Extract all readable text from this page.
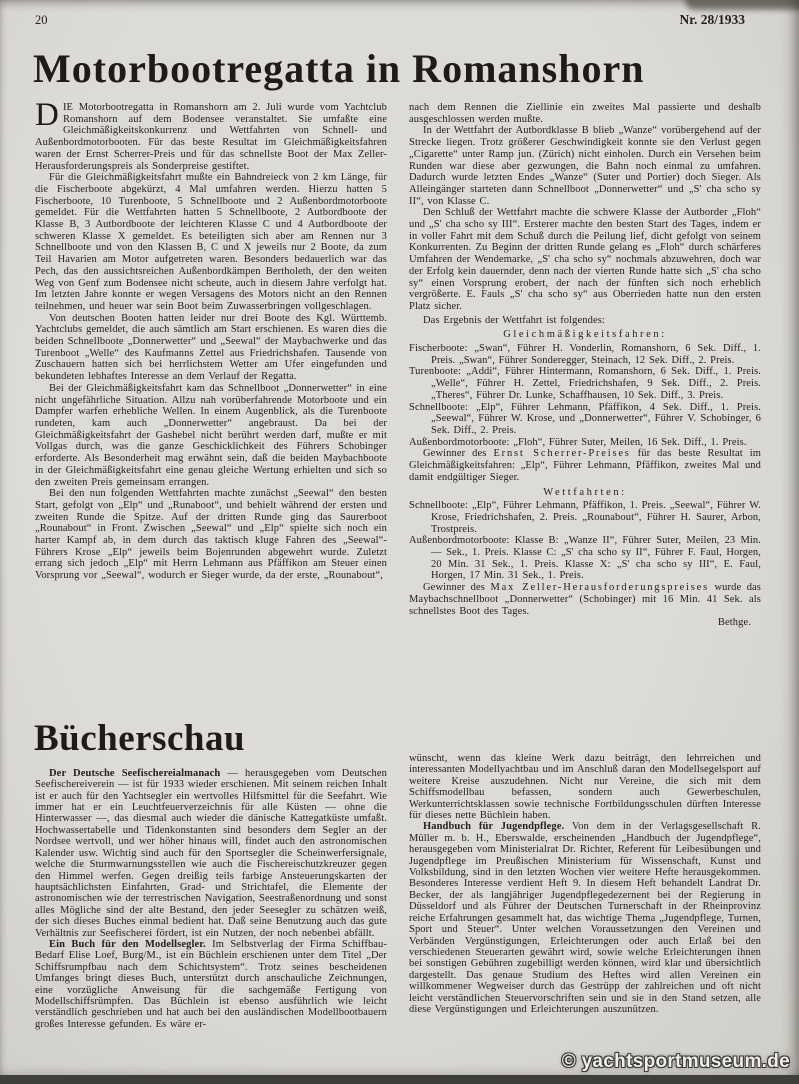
20	Nr. 28/1933
Motorbootregatta in Romanshorn

DIE Motorbootregatta in Romanshorn am 2. Juli wurde vom Yachtclub Romanshorn auf dem Bodensee veranstaltet. Sie umfaßte eine Gleichmäßigkeitskonkurrenz und Wettfahrten von Schnell- und Außenbordmotorbooten. Für das beste Resultat im Gleichmäßigkeitsfahren waren der Ernst Scherrer-Preis und für das schnellste Boot der Max Zeller-Herausforderungspreis als Sonderpreise gestiftet.

Für die Gleichmäßigkeitsfahrt mußte ein Bahndreieck von 2 km Länge, für die Fischerboote abgekürzt, 4 Mal umfahren werden. Hierzu hatten 5 Fischerboote, 10 Turenboote, 5 Schnellboote und 2 Außenbordmotorboote gemeldet. Für die Wettfahrten hatten 5 Schnellboote, 2 Autbordboote der Klasse B, 3 Autbordboote der leichteren Klasse C und 4 Autbordboote der schweren Klasse X gemeldet. Es beteiligten sich aber am Rennen nur 3 Schnellboote und von den Klassen B, C und X jeweils nur 2 Boote, da zum Teil Havarien am Motor aufgetreten waren. Besonders bedauerlich war das Pech, das den aussichtsreichen Außenbordkämpen Bertholeth, der den weiten Weg von Genf zum Bodensee nicht scheute, auch in diesem Jahre verfolgt hat. Im letzten Jahre konnte er wegen Versagens des Motors nicht an den Rennen teilnehmen, und heuer war sein Boot beim Zuwasserbringen vollgeschlagen.

Von deutschen Booten hatten leider nur drei Boote des Kgl. Württemb. Yachtclubs gemeldet, die auch sämtlich am Start erschienen. Es waren dies die beiden Schnellboote „Donnerwetter“ und „Seewal“ der Maybachwerke und das Turenboot „Welle“ des Kaufmanns Zettel aus Friedrichshafen. Tausende von Zuschauern hatten sich bei herrlichstem Wetter am Ufer eingefunden und bekundeten lebhaftes Interesse an dem Verlauf der Regatta.

Bei der Gleichmäßigkeitsfahrt kam das Schnellboot „Donnerwetter“ in eine nicht ungefährliche Situation. Allzu nah vorüberfahrende Motorboote und ein Dampfer warfen erhebliche Wellen. In einem Augenblick, als die Turenboote rundeten, kam auch „Donnerwetter“ angebraust. Da bei der Gleichmäßigkeitsfahrt der Gashebel nicht berührt werden darf, mußte er mit Vollgas durch, was die ganze Geschicklichkeit des Führers Schobinger erforderte. Als Besonderheit mag erwähnt sein, daß die beiden Maybachboote in der Gleichmäßigkeitsfahrt eine genau gleiche Wertung erhielten und sich so den zweiten Preis gemeinsam errangen.

Bei den nun folgenden Wettfahrten machte zunächst „Seewal“ den besten Start, gefolgt von „Elp“ und „Runaboot“, und behielt während der ersten und zweiten Runde die Spitze. Auf der dritten Runde ging das Saurerboot „Rounabout“ in Front. Zwischen „Seewal“ und „Elp“ spielte sich noch ein harter Kampf ab, in dem durch das taktisch kluge Fahren des „Seewal“-Führers Krose „Elp“ jeweils beim Bojenrunden abgewehrt wurde. Zuletzt errang sich jedoch „Elp“ mit Herrn Lehmann aus Pfäffikon am Steuer einen Vorsprung vor „Seewal“, wodurch er Sieger wurde, da der erste, „Rounabout“,

nach dem Rennen die Ziellinie ein zweites Mal passierte und deshalb ausgeschlossen werden mußte.

In der Wettfahrt der Autbordklasse B blieb „Wanze“ vorübergehend auf der Strecke liegen. Trotz größerer Geschwindigkeit konnte sie den Verlust gegen „Cigarette“ unter Ramp jun. (Zürich) nicht einholen. Durch ein Versehen beim Runden war diese aber gezwungen, die Bahn noch einmal zu umfahren. Dadurch wurde letzten Endes „Wanze“ (Suter und Portier) doch Sieger. Als Alleingänger starteten dann Schnellboot „Donnerwetter“ und „S' cha scho sy II“, von Klasse C.

Den Schluß der Wettfahrt machte die schwere Klasse der Autborder „Floh“ und „S' cha scho sy III“. Ersterer machte den besten Start des Tages, indem er in voller Fahrt mit dem Schuß durch die Peilung lief, dicht gefolgt von seinem Konkurrenten. Zu Beginn der dritten Runde gelang es „Floh“ durch schärferes Umfahren der Wendemarke, „S' cha scho sy“ nochmals abzuwehren, doch war der Erfolg kein dauernder, denn nach der vierten Runde hatte sich „S' cha scho sy“ einen Vorsprung erobert, der nach der fünften sich noch erheblich vergrößerte. E. Fauls „S' cha scho sy“ aus Oberrieden hatte nun den ersten Platz sicher.

Das Ergebnis der Wettfahrt ist folgendes:

Gleichmäßigkeitsfahren:

Fischerboote: „Swan“, Führer H. Vonderlin, Romanshorn, 6 Sek. Diff., 1. Preis. „Swan“, Führer Sonderegger, Steinach, 12 Sek. Diff., 2. Preis.

Turenboote: „Addi“, Führer Hintermann, Romanshorn, 6 Sek. Diff., 1. Preis. „Welle“, Führer H. Zettel, Friedrichshafen, 9 Sek. Diff., 2. Preis. „Theres“, Führer Dr. Lunke, Schaffhausen, 10 Sek. Diff., 3. Preis.

Schnellboote: „Elp“, Führer Lehmann, Pfäffikon, 4 Sek. Diff., 1. Preis. „Seewal“, Führer W. Krose, und „Donnerwetter“, Führer V. Schobinger, 6 Sek. Diff., 2. Preis.

Außenbordmotorboote: „Floh“, Führer Suter, Meilen, 16 Sek. Diff., 1. Preis.

Gewinner des Ernst Scherrer-Preises für das beste Resultat im Gleichmäßigkeitsfahren: „Elp“, Führer Lehmann, Pfäffikon, zweites Mal und damit endgültiger Sieger.

Wettfahrten:

Schnellboote: „Elp“, Führer Lehmann, Pfäffikon, 1. Preis. „Seewal“, Führer W. Krose, Friedrichshafen, 2. Preis. „Rounabout“, Führer H. Saurer, Arbon, Trostpreis.

Außenbordmotorboote: Klasse B: „Wanze II“, Führer Suter, Meilen, 23 Min. — Sek., 1. Preis. Klasse C: „S' cha scho sy II“, Führer F. Faul, Horgen, 20 Min. 31 Sek., 1. Preis. Klasse X: „S' cha scho sy III“, E. Faul, Horgen, 17 Min. 31 Sek., 1. Preis.

Gewinner des Max Zeller-Herausforderungspreises wurde das Maybachschnellboot „Donnerwetter“ (Schobinger) mit 16 Min. 41 Sek. als schnellstes Boot des Tages.

Bethge.

Bücherschau

Der Deutsche Seefischereialmanach — herausgegeben vom Deutschen Seefischereiverein — ist für 1933 wieder erschienen. Mit seinem reichen Inhalt ist er auch für den Yachtsegler ein wertvolles Hilfsmittel für die Seefahrt. Wie immer hat er ein Leuchtfeuerverzeichnis für alle Küsten — ohne die Hinterwasser —, das diesmal auch wieder die dänische Kattegatküste umfaßt. Hochwassertabelle und Tidenkonstanten sind besonders dem Segler an der Nordsee wertvoll, und wer höher hinaus will, findet auch den astronomischen Kalender usw. Wichtig sind auch für den Sportsegler die Scheinwerfersignale, welche die Sturmwarnungsstellen wie auch die Fischereischutzkreuzer gegen den Himmel werfen. Gegen dreißig teils farbige Ansteuerungskarten der hauptsächlichsten Einfahrten, Grad- und Strichtafel, die Elemente der astronomischen wie der terrestrischen Navigation, Seestraßenordnung und sonst alles Mögliche sind der alte Bestand, den jeder Seesegler zu schätzen weiß, der sich dieses Buches einmal bedient hat. Daß seine Benutzung auch das gute Verhältnis zur Seefischerei fördert, ist ein Nutzen, der noch nebenbei abfällt.

Ein Buch für den Modellsegler. Im Selbstverlag der Firma Schiffbau-Bedarf Elise Loef, Burg/M., ist ein Büchlein erschienen unter dem Titel „Der Schiffsrumpfbau nach dem Schichtsystem“. Trotz seines bescheidenen Umfanges bringt dieses Buch, unterstützt durch anschauliche Zeichnungen, eine vorzügliche Anweisung für die sachgemäße Fertigung von Modellschiffsrümpfen. Das Büchlein ist ebenso ausführlich wie leicht verständlich geschrieben und hat auch bei den ausländischen Modellbootbauern großes Interesse gefunden. Es wäre er-

wünscht, wenn das kleine Werk dazu beiträgt, den lehrreichen und interessanten Modellyachtbau und im Anschluß daran den Modellsegelsport auf weitere Kreise auszudehnen. Nicht nur Vereine, die sich mit dem Schiffsmodellbau befassen, sondern auch Gewerbeschulen, Werkunterrichtsklassen sowie technische Fortbildungsschulen dürften Interesse für dieses nette Büchlein haben.

Handbuch für Jugendpflege. Von dem in der Verlagsgesellschaft R. Müller m. b. H., Eberswalde, erscheinenden „Handbuch der Jugendpflege“, herausgegeben vom Ministerialrat Dr. Richter, Referent für Leibesübungen und Jugendpflege im Preußischen Ministerium für Wissenschaft, Kunst und Volksbildung, sind in den letzten Wochen vier weitere Hefte herausgekommen. Besonderes Interesse verdient Heft 9. In diesem Heft behandelt Landrat Dr. Becker, der als langjähriger Jugendpflegedezernent bei der Regierung in Düsseldorf und als Führer der Deutschen Turnerschaft in der Rheinprovinz reiche Erfahrungen gesammelt hat, das wichtige Thema „Jugendpflege, Turnen, Sport und Steuer“. Unter welchen Voraussetzungen den Vereinen und Verbänden Vergünstigungen, Erleichterungen oder auch Erlaß bei den verschiedenen Steuerarten gewährt wird, sowie welche Erleichterungen ihnen bei sonstigen Gebühren zugebilligt werden können, wird klar und übersichtlich dargestellt. Das genaue Studium des Heftes wird allen Vereinen ein willkommener Wegweiser durch das Gestrüpp der zahlreichen und oft nicht leicht verständlichen Steuervorschriften sein und sie in den Stand setzen, alle diese Vergünstigungen und Erleichterungen auszunützen.

© yachtsportmuseum.de
